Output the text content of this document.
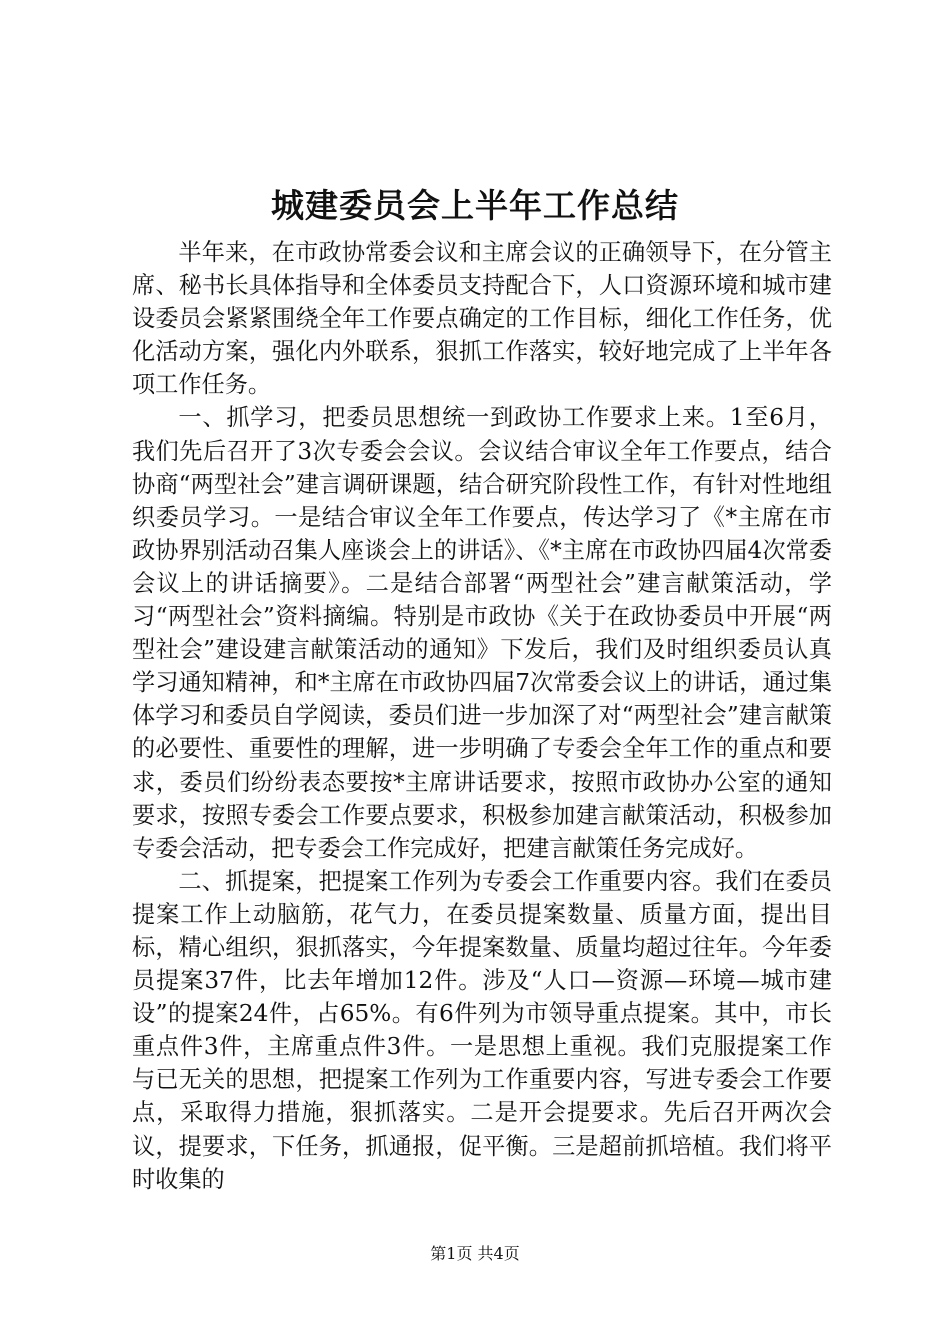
城建委员会上半年工作总结

半年来，在市政协常委会议和主席会议的正确领导下，在分管主席、秘书长具体指导和全体委员支持配合下，人口资源环境和城市建设委员会紧紧围绕全年工作要点确定的工作目标，细化工作任务，优化活动方案，强化内外联系，狠抓工作落实，较好地完成了上半年各项工作任务。

一、抓学习，把委员思想统一到政协工作要求上来。1至6月，我们先后召开了3次专委会会议。会议结合审议全年工作要点，结合协商“两型社会”建言调研课题，结合研究阶段性工作，有针对性地组织委员学习。一是结合审议全年工作要点，传达学习了《*主席在市政协界别活动召集人座谈会上的讲话》、《*主席在市政协四届4次常委会议上的讲话摘要》。二是结合部署“两型社会”建言献策活动，学习“两型社会”资料摘编。特别是市政协《关于在政协委员中开展“两型社会”建设建言献策活动的通知》下发后，我们及时组织委员认真学习通知精神，和*主席在市政协四届7次常委会议上的讲话，通过集体学习和委员自学阅读，委员们进一步加深了对“两型社会”建言献策的必要性、重要性的理解，进一步明确了专委会全年工作的重点和要求，委员们纷纷表态要按*主席讲话要求，按照市政协办公室的通知要求，按照专委会工作要点要求，积极参加建言献策活动，积极参加专委会活动，把专委会工作完成好，把建言献策任务完成好。

二、抓提案，把提案工作列为专委会工作重要内容。我们在委员提案工作上动脑筋，花气力，在委员提案数量、质量方面，提出目标，精心组织，狠抓落实，今年提案数量、质量均超过往年。今年委员提案37件，比去年增加12件。涉及“人口—资源—环境—城市建设”的提案24件，占65%。有6件列为市领导重点提案。其中，市长重点件3件，主席重点件3件。一是思想上重视。我们克服提案工作与已无关的思想，把提案工作列为工作重要内容，写进专委会工作要点，采取得力措施，狠抓落实。二是开会提要求。先后召开两次会议，提要求，下任务，抓通报，促平衡。三是超前抓培植。我们将平时收集的

第1页 共4页
